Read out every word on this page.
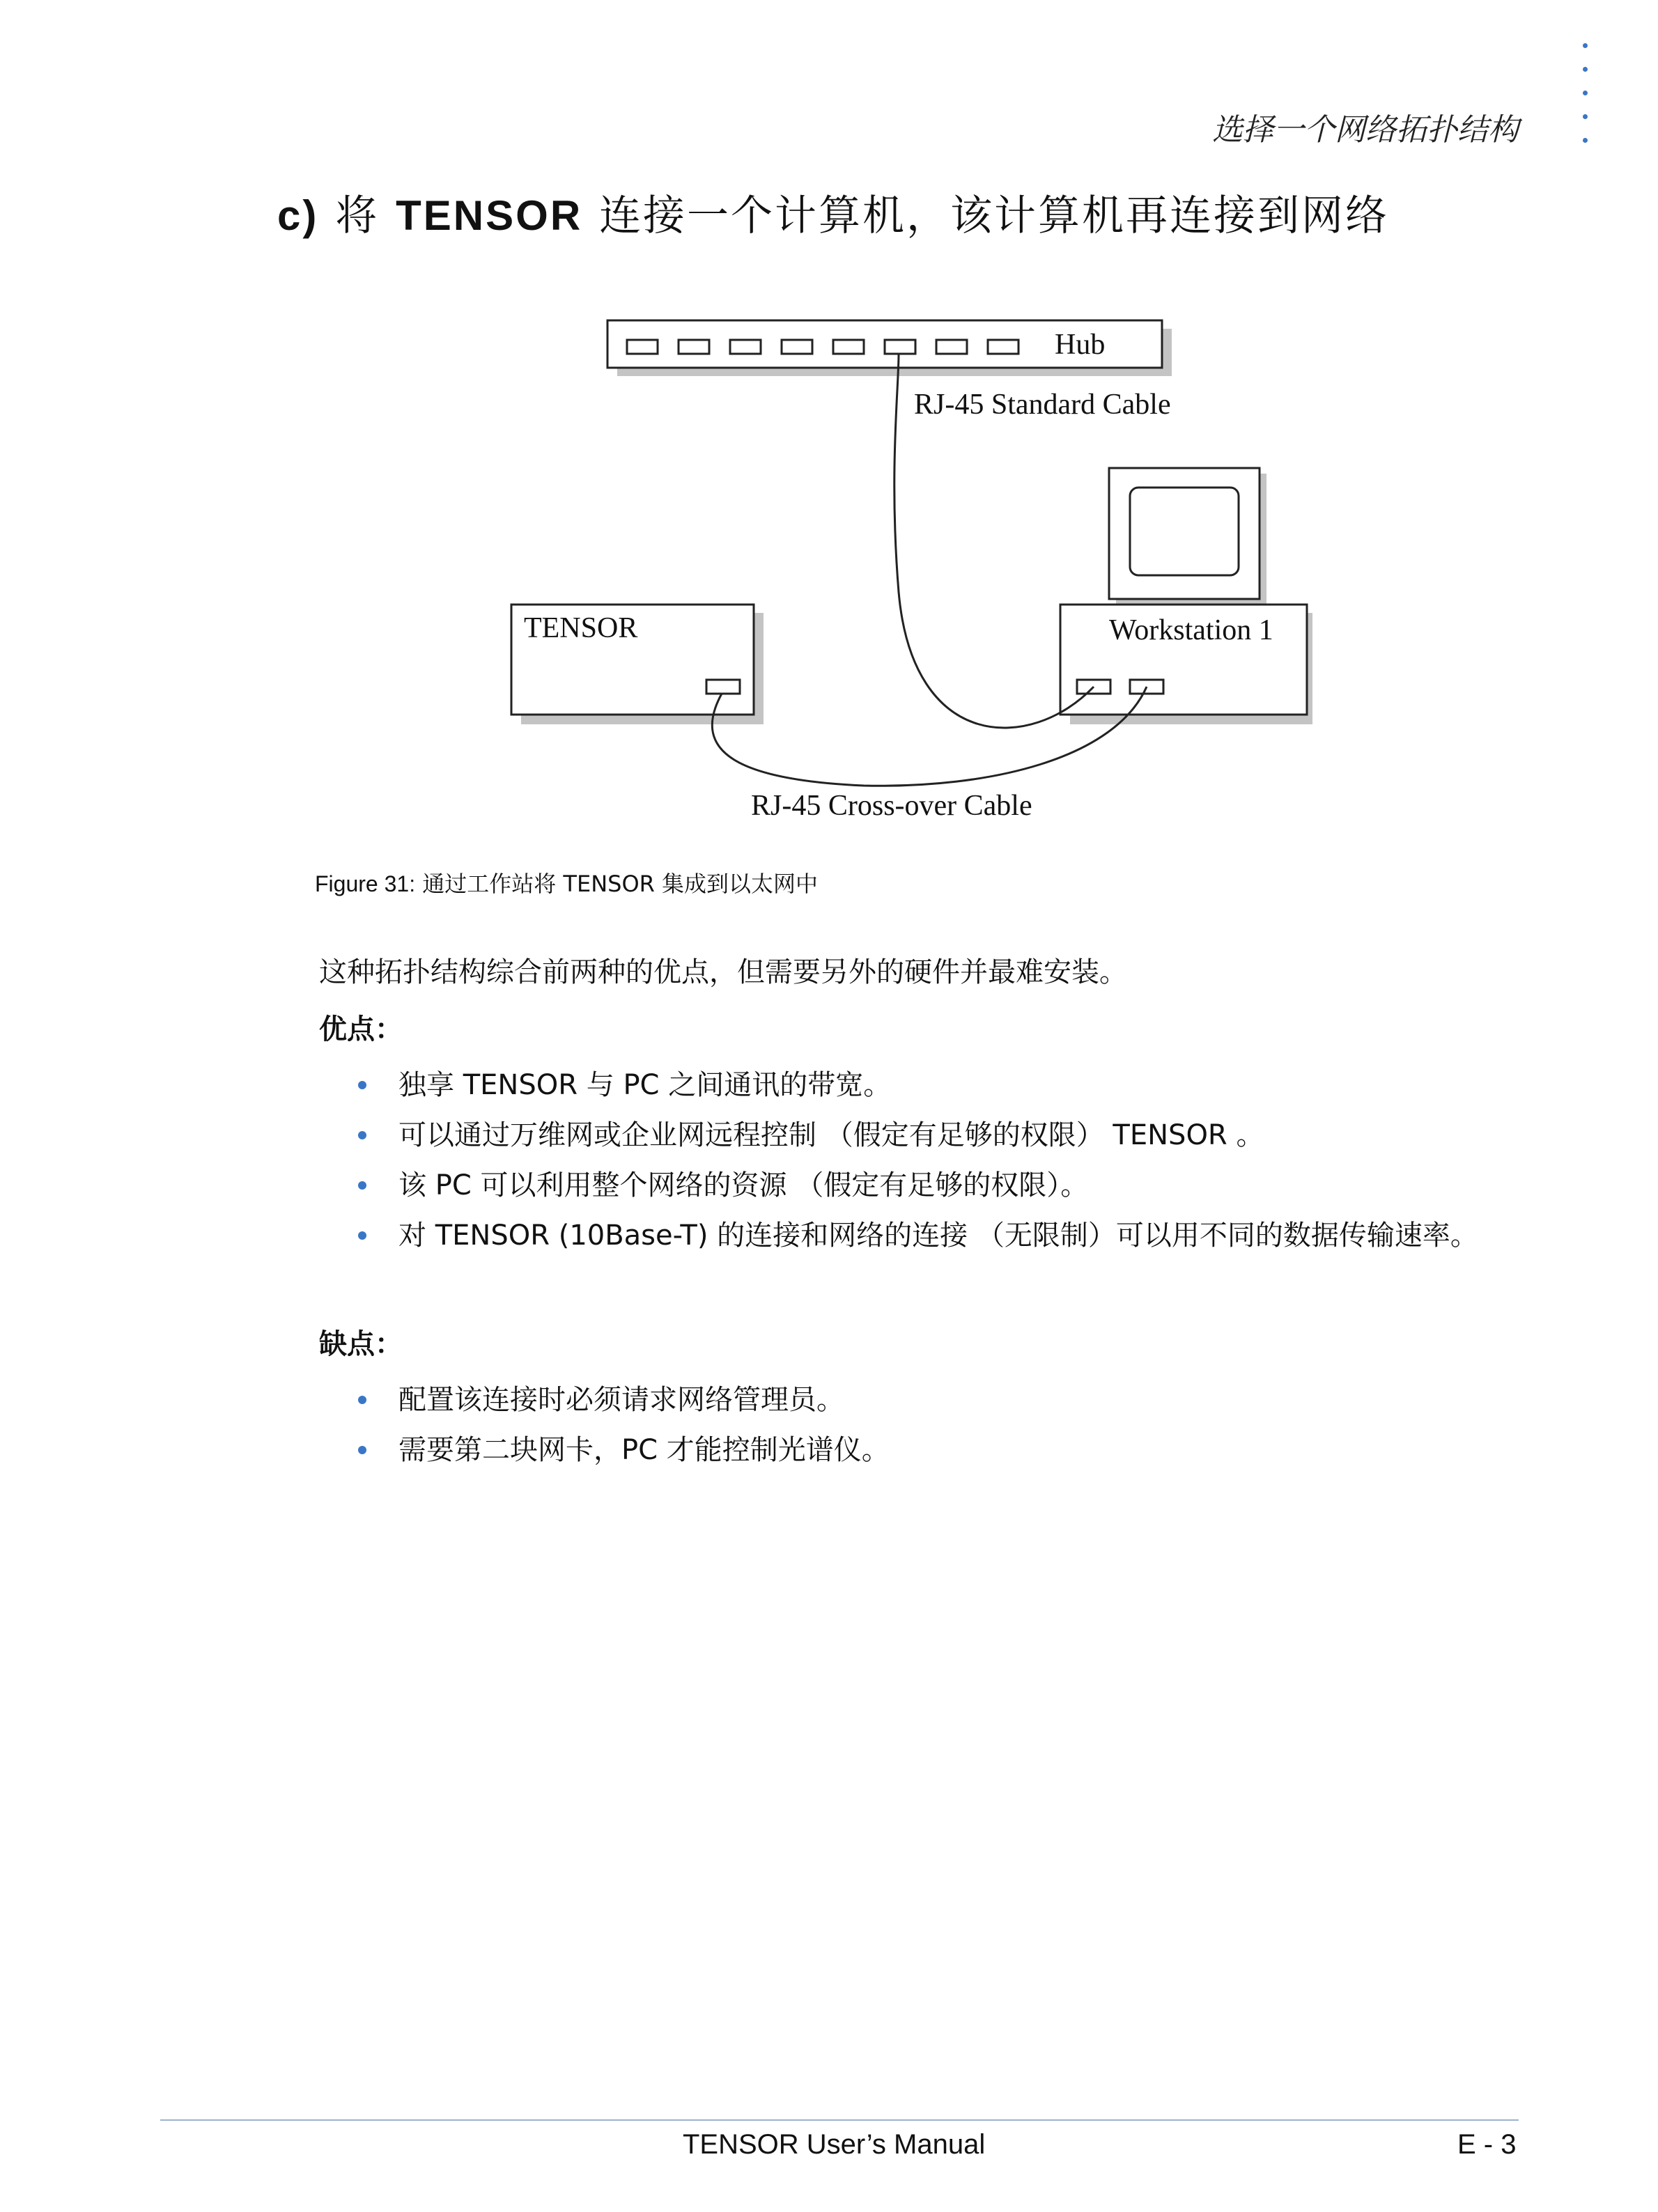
选择一个网络拓扑结构
c) 将 TENSOR 连接一个计算机，该计算机再连接到网络
Hub
RJ-45 Standard Cable
TENSOR	Workstation 1
RJ-45 Cross-over Cable
Figure 31: 通过工作站将 TENSOR 集成到以太网中
这种拓扑结构综合前两种的优点，但需要另外的硬件并最难安装。
优点：
独享 TENSOR 与 PC 之间通讯的带宽。
可以通过万维网或企业网远程控制 （假定有足够的权限） TENSOR 。
该 PC 可以利用整个网络的资源 （假定有足够的权限）。
对 TENSOR (10Base-T) 的连接和网络的连接 （无限制）可以用不同的数据传输速率。
缺点：
配置该连接时必须请求网络管理员。
需要第二块网卡，PC 才能控制光谱仪。
TENSOR User’s Manual	E - 3
